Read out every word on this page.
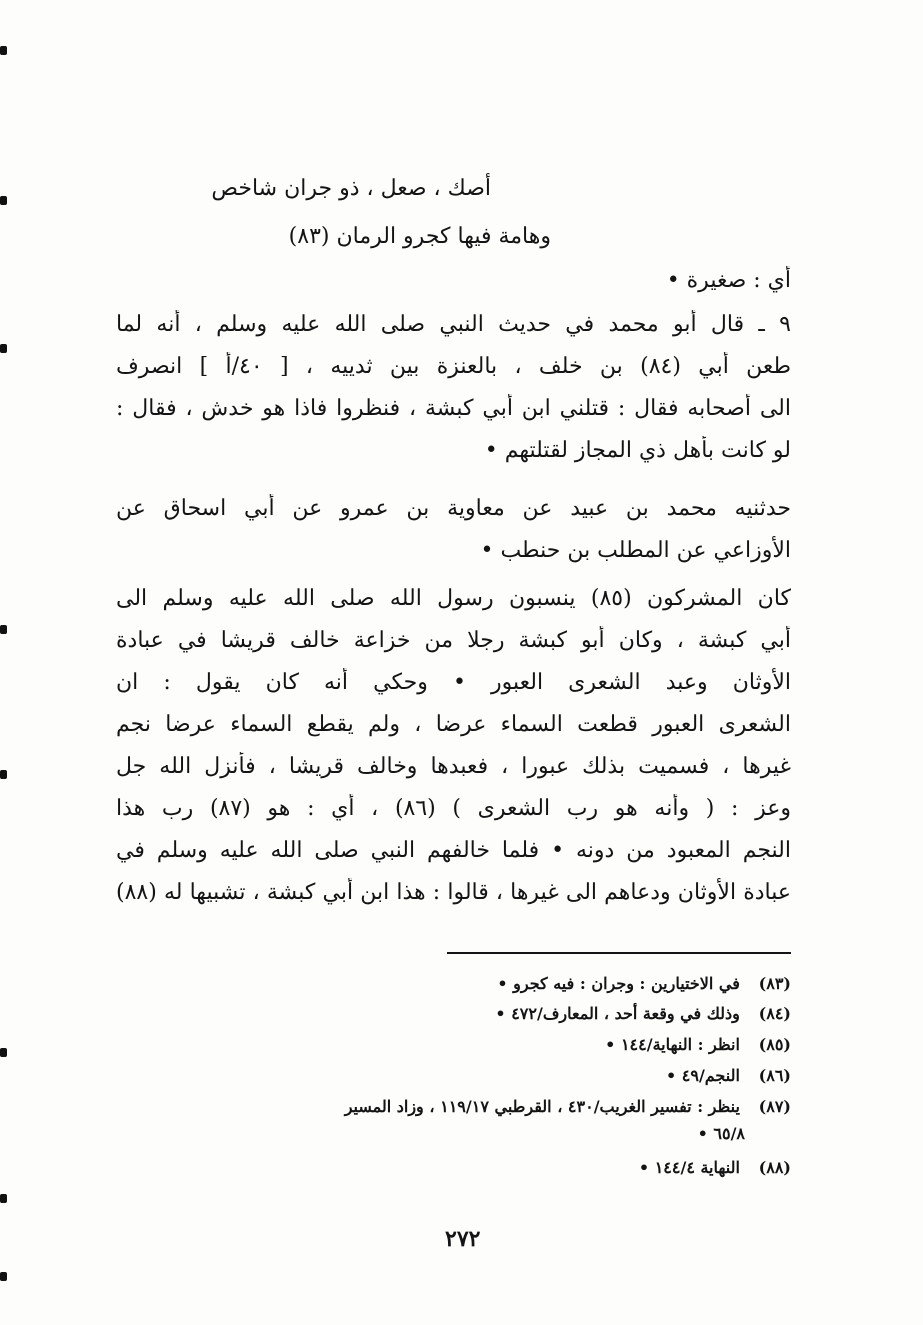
أصك ، صعل ، ذو جران شاخص
وهامة فيها كجرو الرمان (٨٣)
أي : صغيرة •
٩ ـ قال أبو محمد في حديث النبي صلى الله عليه وسلم ، أنه لما
طعن أبي (٨٤) بن خلف ، بالعنزة بين ثدييه ، [ ٤٠/أ ] انصرف
الى أصحابه فقال : قتلني ابن أبي كبشة ، فنظروا فاذا هو خدش ، فقال :
لو كانت بأهل ذي المجاز لقتلتهم •
حدثنيه محمد بن عبيد عن معاوية بن عمرو عن أبي اسحاق عن
الأوزاعي عن المطلب بن حنطب •
كان المشركون (٨٥) ينسبون رسول الله صلى الله عليه وسلم الى
أبي كبشة ، وكان أبو كبشة رجلا من خزاعة خالف قريشا في عبادة
الأوثان وعبد الشعرى العبور • وحكي أنه كان يقول : ان
الشعرى العبور قطعت السماء عرضا ، ولم يقطع السماء عرضا نجم
غيرها ، فسميت بذلك عبورا ، فعبدها وخالف قريشا ، فأنزل الله جل
وعز : ( وأنه هو رب الشعرى ) (٨٦) ، أي : هو (٨٧) رب هذا
النجم المعبود من دونه • فلما خالفهم النبي صلى الله عليه وسلم في
عبادة الأوثان ودعاهم الى غيرها ، قالوا : هذا ابن أبي كبشة ، تشبيها له (٨٨)
(٨٣) في الاختيارين : وجران : فيه كجرو •
(٨٤) وذلك في وقعة أحد ، المعارف/٤٧٢ •
(٨٥) انظر : النهاية/١٤٤ •
(٨٦) النجم/٤٩ •
(٨٧) ينظر : تفسير الغريب/٤٣٠ ، القرطبي ١١٩/١٧ ، وزاد المسير
٦٥/٨ •
(٨٨) النهاية ١٤٤/٤ •
٢٧٢
